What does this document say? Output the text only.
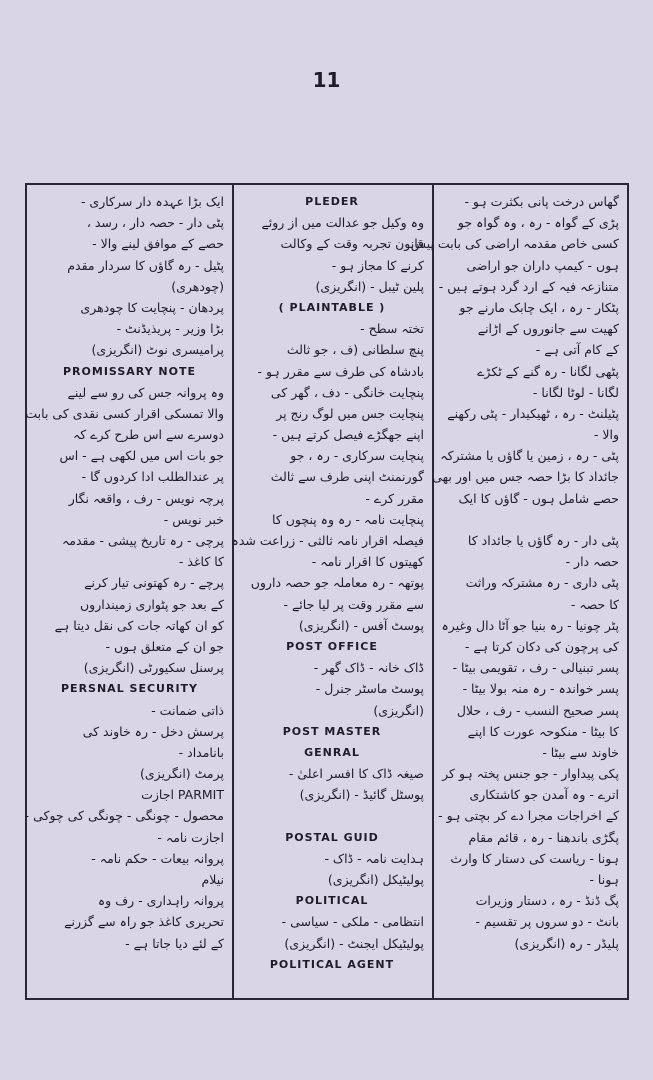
11
ایک بڑا عہدہ دار سرکاری -
پٹی دار - حصہ دار ، رسد ،
حصے کے موافق لینے والا -
پٹیل - رہ گاؤں کا سردار مقدم
(چودھری)
پردھان - پنچایت کا چودھری
بڑا وزیر - پریذیڈنٹ -
پرامیسری نوٹ (انگریزی)
PROMISSARY NOTE
وہ پروانہ جس کی رو سے لینے
والا تمسکی اقرار کسی نقدی کی بابت
دوسرے سے اس طرح کرے کہ
جو بات اس میں لکھی ہے - اس
پر عندالطلب ادا کردوں گا -
پرچہ نویس - رف ، واقعہ نگار
خبر نویس -
پرچی - رہ تاریخ پیشی - مقدمہ
کا کاغذ -
پرچے - رہ کھتونی تیار کرنے
کے بعد جو پٹواری زمینداروں
کو ان کھاتہ جات کی نقل دیتا ہے
جو ان کے متعلق ہوں -
پرسنل سکیورٹی (انگریزی)
PERSNAL SECURITY
ذاتی ضمانت -
پرسش دخل - رہ خاوند کی
بانامداد -
پرمٹ (انگریزی)
PARMIT اجازت
محصول - چونگی - چونگی کی چوکی -
اجازت نامہ -
پروانہ بیعات - حکم نامہ -
نیلام
پروانہ راہداری - رف وہ
تحریری کاغذ جو راہ سے گزرنے
کے لئے دیا جاتا ہے -
PLEDER
وہ وکیل جو عدالت میں از روئے
قانون تجربہ وقت کے وکالت
کرنے کا مجاز ہو -
پلین ٹیبل - (انگریزی)
( PLAINTABLE )
تختہ سطح -
پنچ سلطانی (ف ، جو ثالث
بادشاہ کی طرف سے مقرر ہو -
پنچایت خانگی - دف ، گھر کی
پنچایت جس میں لوگ رنج پر
اپنے جھگڑے فیصل کرتے ہیں -
پنچایت سرکاری - رہ ، جو
گورنمنٹ اپنی طرف سے ثالث
مقرر کرے -
پنچایت نامہ - رہ وہ پنچوں کا
فیصلہ اقرار نامہ ثالثی - زراعت شدہ
کھیتوں کا اقرار نامہ -
پوتھہ - رہ معاملہ جو حصہ داروں
سے مقرر وقت پر لیا جائے -
پوسٹ آفس - (انگریزی)
POST OFFICE
ڈاک خانہ - ڈاک گھر -
پوسٹ ماسٹر جنرل -
(انگریزی)
POST MASTER
GENRAL
صیغہ ڈاک کا افسر اعلیٰ -
پوسٹل گائیڈ - (انگریزی)
POSTAL GUID
ہدایت نامہ - ڈاک -
پولیٹیکل (انگریزی)
POLITICAL
انتظامی - ملکی - سیاسی -
پولیٹیکل ایجنٹ - (انگریزی)
POLITICAL AGENT
گھاس درخت پانی بکثرت ہو -
پڑی کے گواہ - رہ ، وہ گواہ جو
کسی خاص مقدمہ اراضی کی بابت پیش
ہوں - کیمپ داران جو اراضی
متنازعہ فیہ کے ارد گرد ہوتے ہیں -
پٹکار - رہ ، ایک چابک مارنے جو
کھیت سے جانوروں کے اڑانے
کے کام آتی ہے -
پٹھی لگانا - رہ گنے کے ٹکڑے
لگانا - لوٹا لگانا -
پٹیلنٹ - رہ ، ٹھیکیدار - پٹی رکھنے
والا -
پٹی - رہ ، زمین یا گاؤں یا مشترکہ
جائداد کا بڑا حصہ جس میں اور بھی
حصے شامل ہوں - گاؤں کا ایک
پٹی دار - رہ گاؤں یا جائداد کا
حصہ دار -
پٹی داری - رہ مشترکہ وراثت
کا حصہ -
پٹر چونیا - رہ بنیا جو آٹا دال وغیرہ
کی پرچون کی دکان کرتا ہے -
پسر تبنیالی - رف ، تقویمی بیٹا -
پسر خواندہ - رہ منہ بولا بیٹا -
پسر صحیح النسب - رف ، حلال
کا بیٹا - منکوحہ عورت کا اپنے
خاوند سے بیٹا -
پکی پیداوار - جو جنس پختہ ہو کر
اترے - وہ آمدن جو کاشتکاری
کے اخراجات مجرا دے کر بچتی ہو -
پگڑی باندھنا - رہ ، قائم مقام
ہونا - ریاست کی دستار کا وارث
ہونا -
پگ ڈنڈ - رہ ، دستار وزیرات
بانٹ - دو سروں پر تقسیم -
پلیڈر - رہ (انگریزی)
